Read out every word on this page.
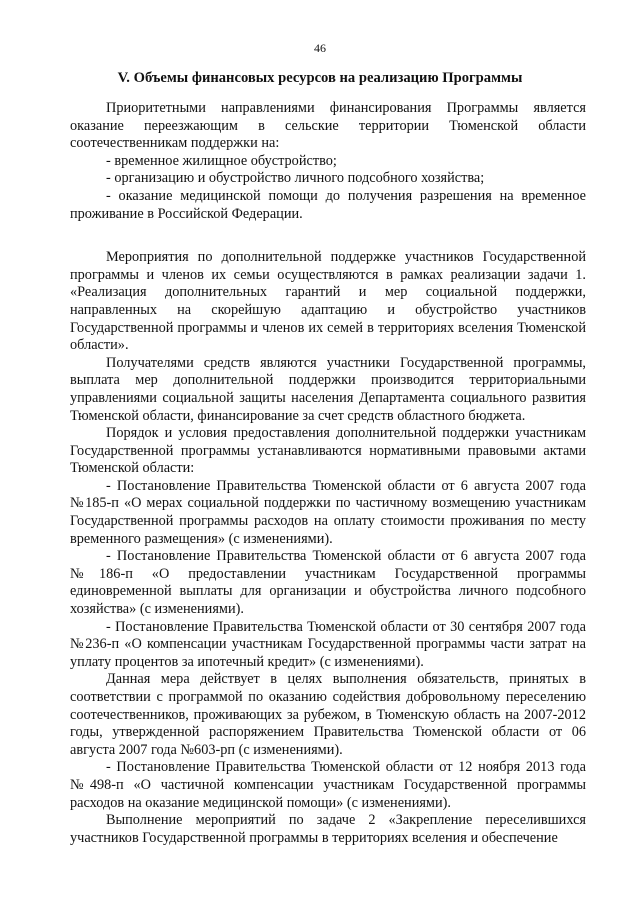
46
V. Объемы финансовых ресурсов на реализацию Программы

Приоритетными направлениями финансирования Программы является оказание переезжающим в сельские территории Тюменской области соотечественникам поддержки на:

- временное жилищное обустройство;

- организацию и обустройство личного подсобного хозяйства;

- оказание медицинской помощи до получения разрешения на временное проживание в Российской Федерации.

Мероприятия по дополнительной поддержке участников Государственной программы и членов их семьи осуществляются в рамках реализации задачи 1. «Реализация дополнительных гарантий и мер социальной поддержки, направленных на скорейшую адаптацию и обустройство участников Государственной программы и членов их семей в территориях вселения Тюменской области».

Получателями средств являются участники Государственной программы, выплата мер дополнительной поддержки производится территориальными управлениями социальной защиты населения Департамента социального развития Тюменской области, финансирование за счет средств областного бюджета.

Порядок и условия предоставления дополнительной поддержки участникам Государственной программы устанавливаются нормативными правовыми актами Тюменской области:

- Постановление Правительства Тюменской области от 6 августа 2007 года №185-п «О мерах социальной поддержки по частичному возмещению участникам Государственной программы расходов на оплату стоимости проживания по месту временного размещения» (с изменениями).

- Постановление Правительства Тюменской области от 6 августа 2007 года №186-п «О предоставлении участникам Государственной программы единовременной выплаты для организации и обустройства личного подсобного хозяйства» (с изменениями).

- Постановление Правительства Тюменской области от 30 сентября 2007 года №236-п «О компенсации участникам Государственной программы части затрат на уплату процентов за ипотечный кредит» (с изменениями).

Данная мера действует в целях выполнения обязательств, принятых в соответствии с программой по оказанию содействия добровольному переселению соотечественников, проживающих за рубежом, в Тюменскую область на 2007-2012 годы, утвержденной распоряжением Правительства Тюменской области от 06 августа 2007 года №603-рп (с изменениями).

- Постановление Правительства Тюменской области от 12 ноября 2013 года №498-п «О частичной компенсации участникам Государственной программы расходов на оказание медицинской помощи» (с изменениями).

Выполнение мероприятий по задаче 2 «Закрепление переселившихся участников Государственной программы в территориях вселения и обеспечение
